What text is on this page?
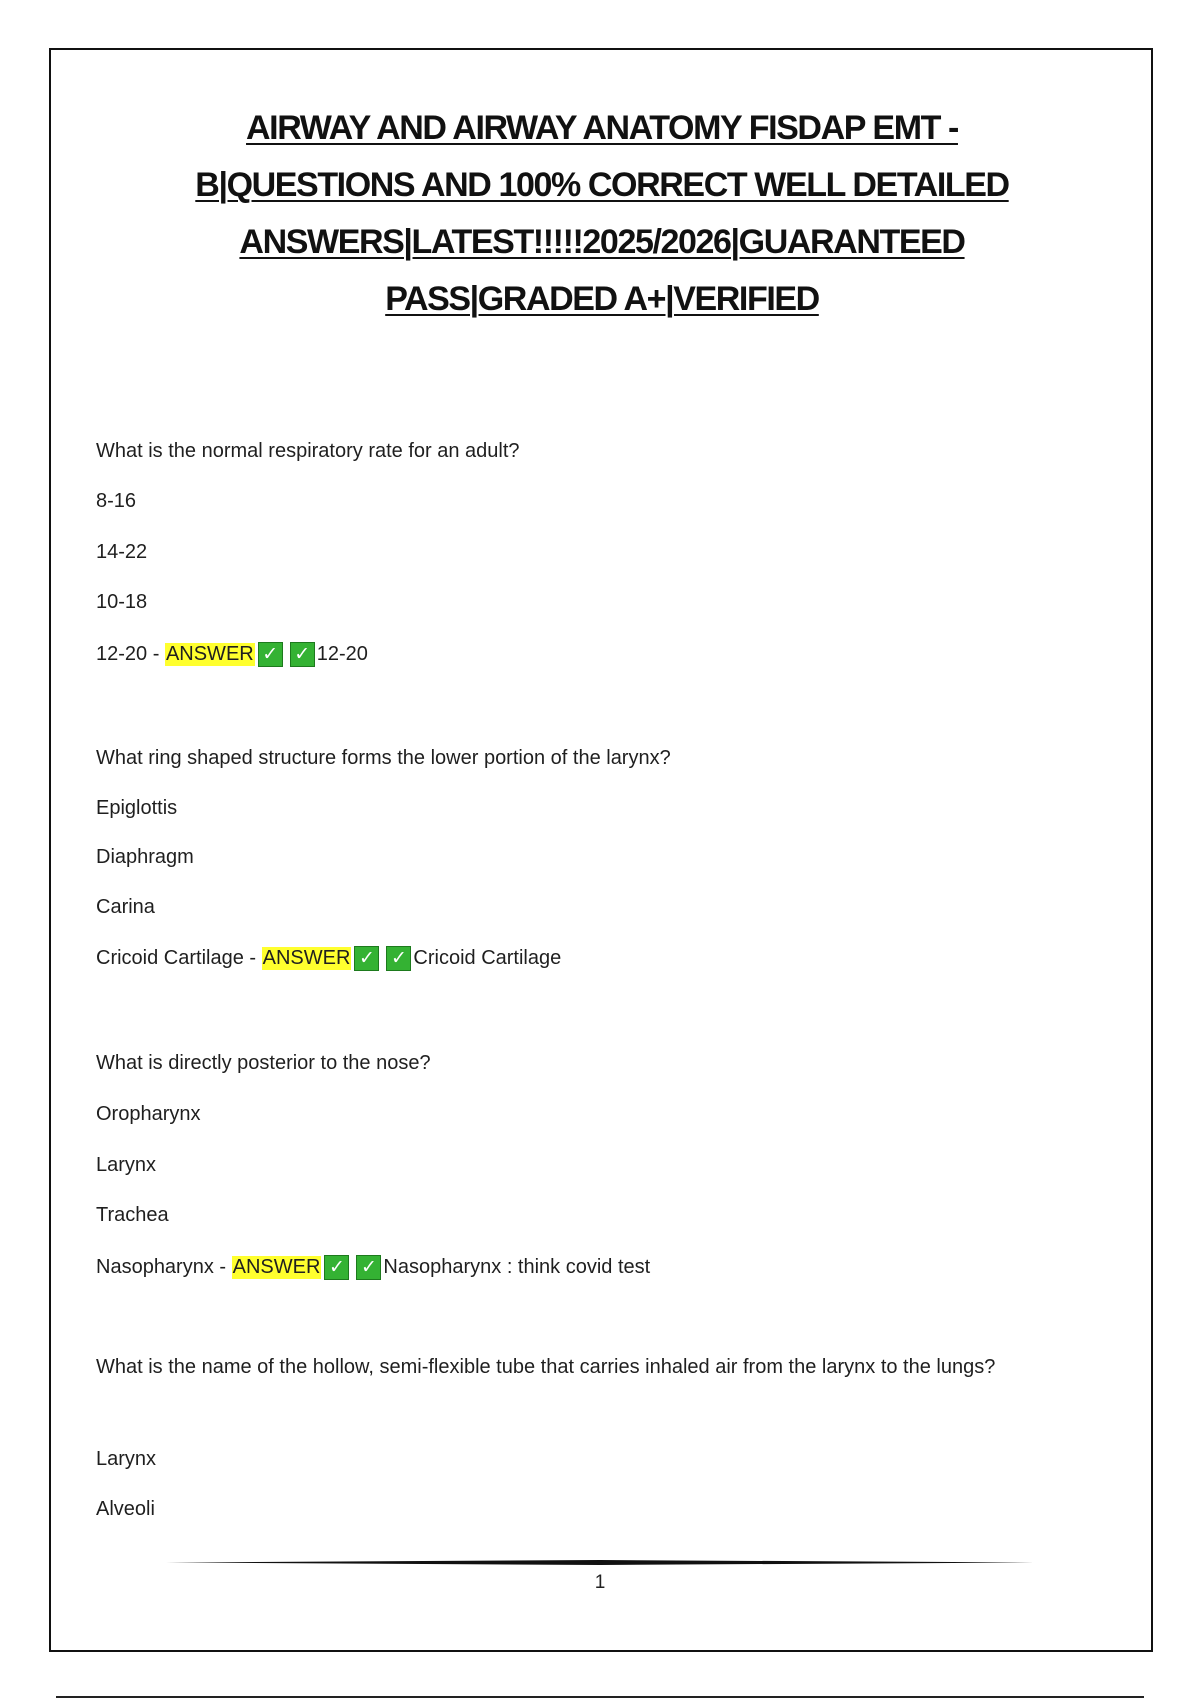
AIRWAY AND AIRWAY ANATOMY FISDAP EMT -
B|QUESTIONS AND 100% CORRECT WELL DETAILED
ANSWERS|LATEST!!!!!2025/2026|GUARANTEED
PASS|GRADED A+|VERIFIED
What is the normal respiratory rate for an adult?
8-16
14-22
10-18
12-20 - ANSWER ✓ ✓ 12-20
What ring shaped structure forms the lower portion of the larynx?
Epiglottis
Diaphragm
Carina
Cricoid Cartilage - ANSWER ✓ ✓ Cricoid Cartilage
What is directly posterior to the nose?
Oropharynx
Larynx
Trachea
Nasopharynx - ANSWER ✓ ✓ Nasopharynx : think covid test
What is the name of the hollow, semi-flexible tube that carries inhaled air from the larynx to the lungs?
Larynx
Alveoli
1
